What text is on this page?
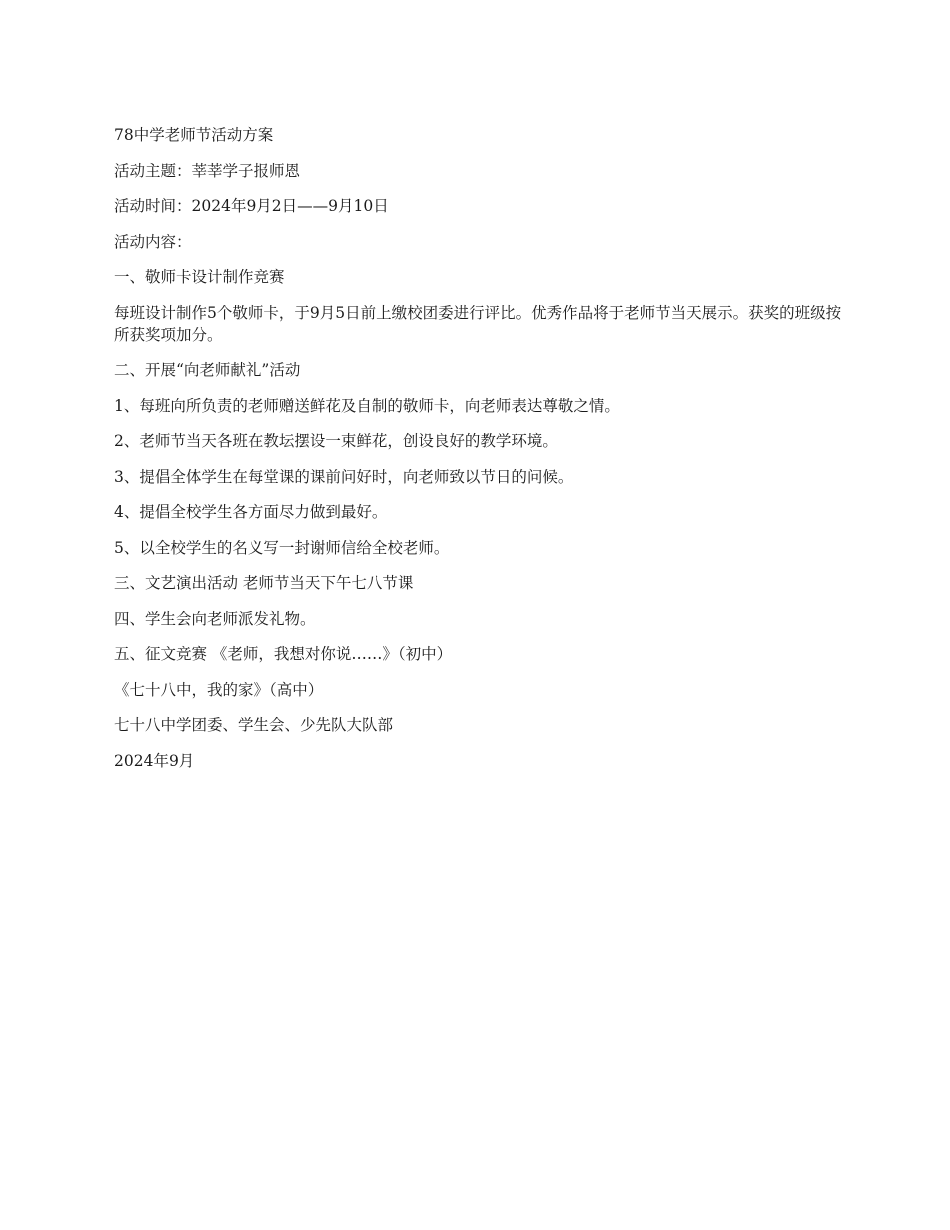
78中学老师节活动方案

活动主题：莘莘学子报师恩

活动时间：2024年9月2日——9月10日

活动内容：

一、敬师卡设计制作竞赛

每班设计制作5个敬师卡，于9月5日前上缴校团委进行评比。优秀作品将于老师节当天展示。获奖的班级按所获奖项加分。

二、开展“向老师献礼”活动

1、每班向所负责的老师赠送鲜花及自制的敬师卡，向老师表达尊敬之情。

2、老师节当天各班在教坛摆设一束鲜花，创设良好的教学环境。

3、提倡全体学生在每堂课的课前问好时，向老师致以节日的问候。

4、提倡全校学生各方面尽力做到最好。

5、以全校学生的名义写一封谢师信给全校老师。

三、文艺演出活动 老师节当天下午七八节课

四、学生会向老师派发礼物。

五、征文竞赛 《老师，我想对你说……》（初中）

《七十八中，我的家》（高中）

七十八中学团委、学生会、少先队大队部

2024年9月
